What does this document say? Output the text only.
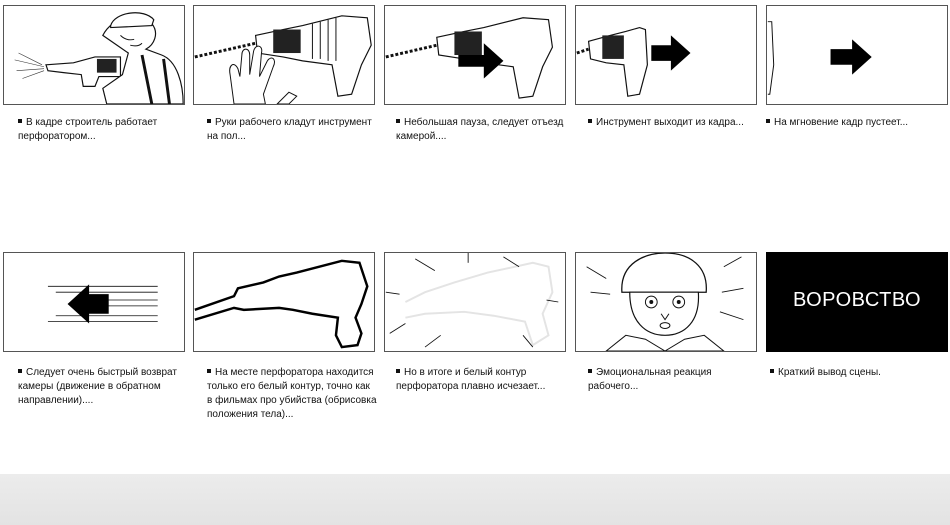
В кадре строитель работает перфоратором...
Руки рабочего кладут инструмент на пол...
Небольшая пауза, следует отъезд камерой....
Инструмент выходит из кадра...	На мгновение кадр пустеет...
Следует очень быстрый возврат камеры (движение в обратном направлении)....
На месте перфоратора находится только его белый контур, точно как в фильмах про убийства (обрисовка положения тела)...
Но в итоге и белый контур перфоратора плавно исчезает...
Эмоциональная реакция рабочего...
ВОРОВСТВО
Краткий вывод сцены.
